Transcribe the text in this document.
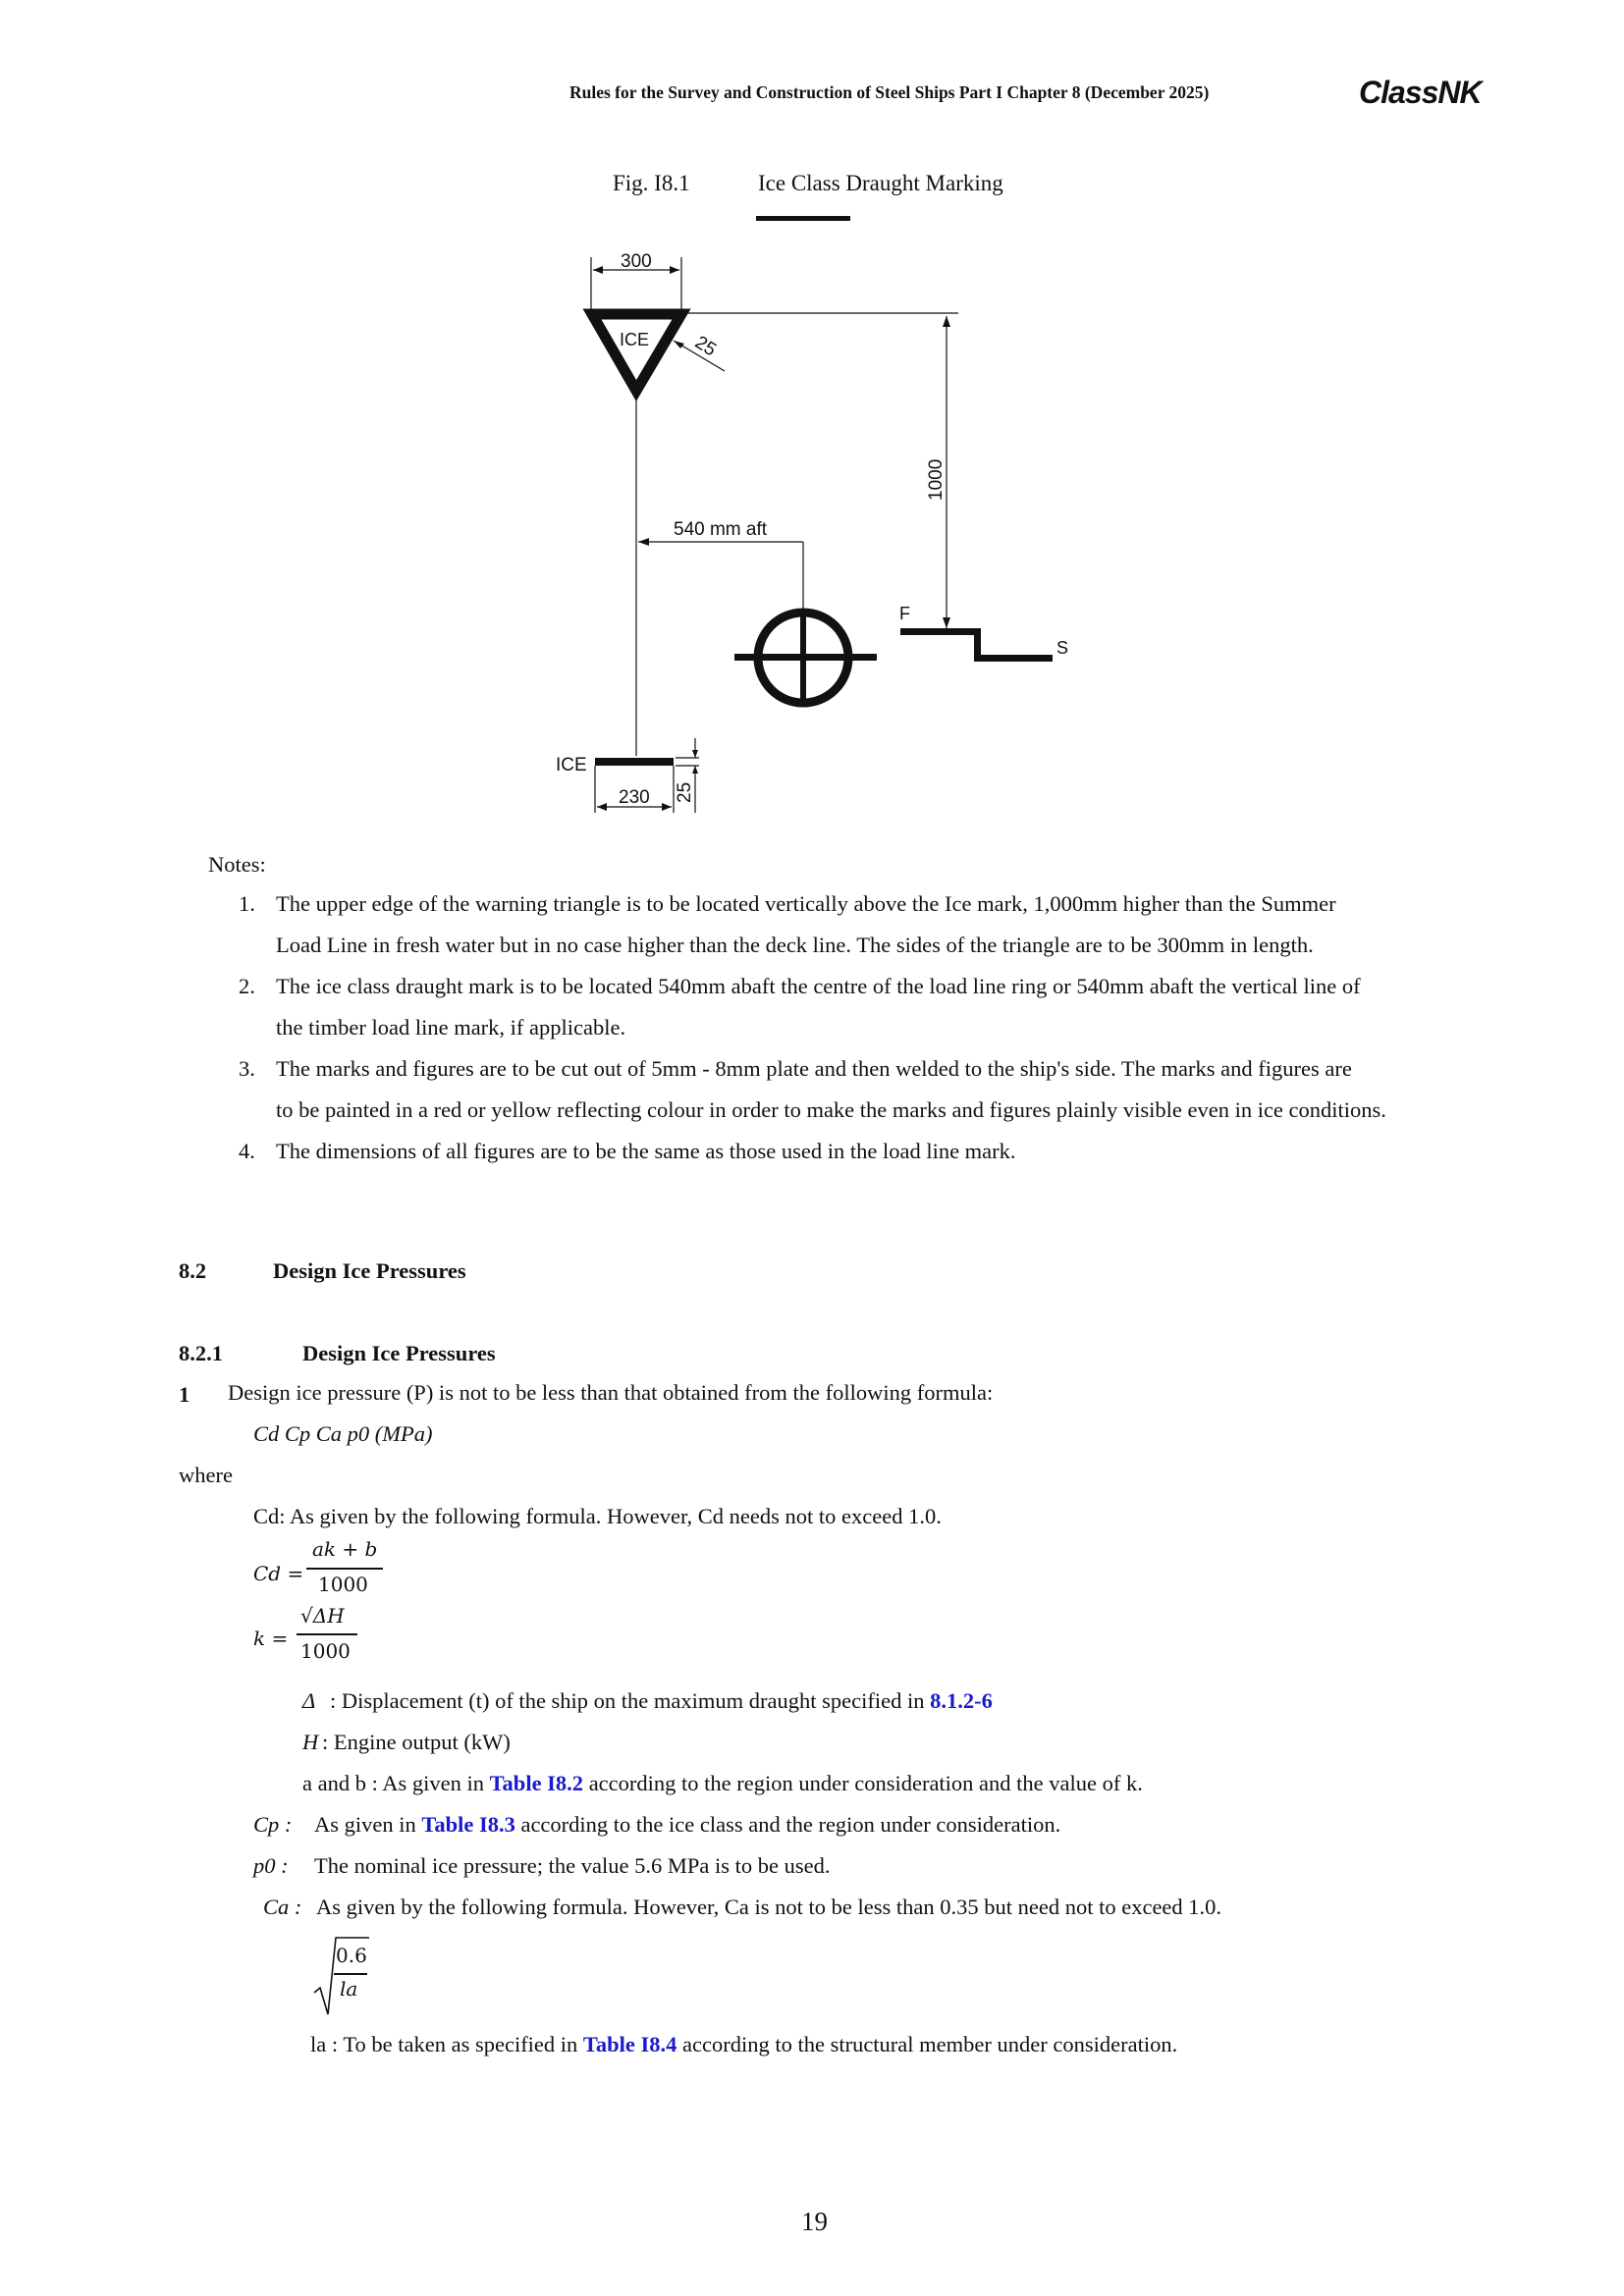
Rules for the Survey and Construction of Steel Ships Part I Chapter 8 (December 2025)	ClassNK
Fig. I8.1	Ice Class Draught Marking
300
ICE 25
1000
540 mm aft
F
S
ICE
230 25
Notes:
1. The upper edge of the warning triangle is to be located vertically above the Ice mark, 1,000mm higher than the Summer
Load Line in fresh water but in no case higher than the deck line. The sides of the triangle are to be 300mm in length.
2. The ice class draught mark is to be located 540mm abaft the centre of the load line ring or 540mm abaft the vertical line of
the timber load line mark, if applicable.
3. The marks and figures are to be cut out of 5mm - 8mm plate and then welded to the ship's side. The marks and figures are
to be painted in a red or yellow reflecting colour in order to make the marks and figures plainly visible even in ice conditions.
4. The dimensions of all figures are to be the same as those used in the load line mark.
8.2	Design Ice Pressures
8.2.1	Design Ice Pressures
1 Design ice pressure (P) is not to be less than that obtained from the following formula:
Cd Cp Ca p0 (MPa)
where
Cd: As given by the following formula. However, Cd needs not to exceed 1.0.
Cd =
ak + b
1000
k =
√ΔH
1000
Δ : Displacement (t) of the ship on the maximum draught specified in 8.1.2-6
H : Engine output (kW)
a and b : As given in Table I8.2 according to the region under consideration and the value of k.
Cp : As given in Table I8.3 according to the ice class and the region under consideration.
p0 : The nominal ice pressure; the value 5.6 MPa is to be used.
Ca : As given by the following formula. However, Ca is not to be less than 0.35 but need not to exceed 1.0.
0.6
la
la : To be taken as specified in Table I8.4 according to the structural member under consideration.
19
